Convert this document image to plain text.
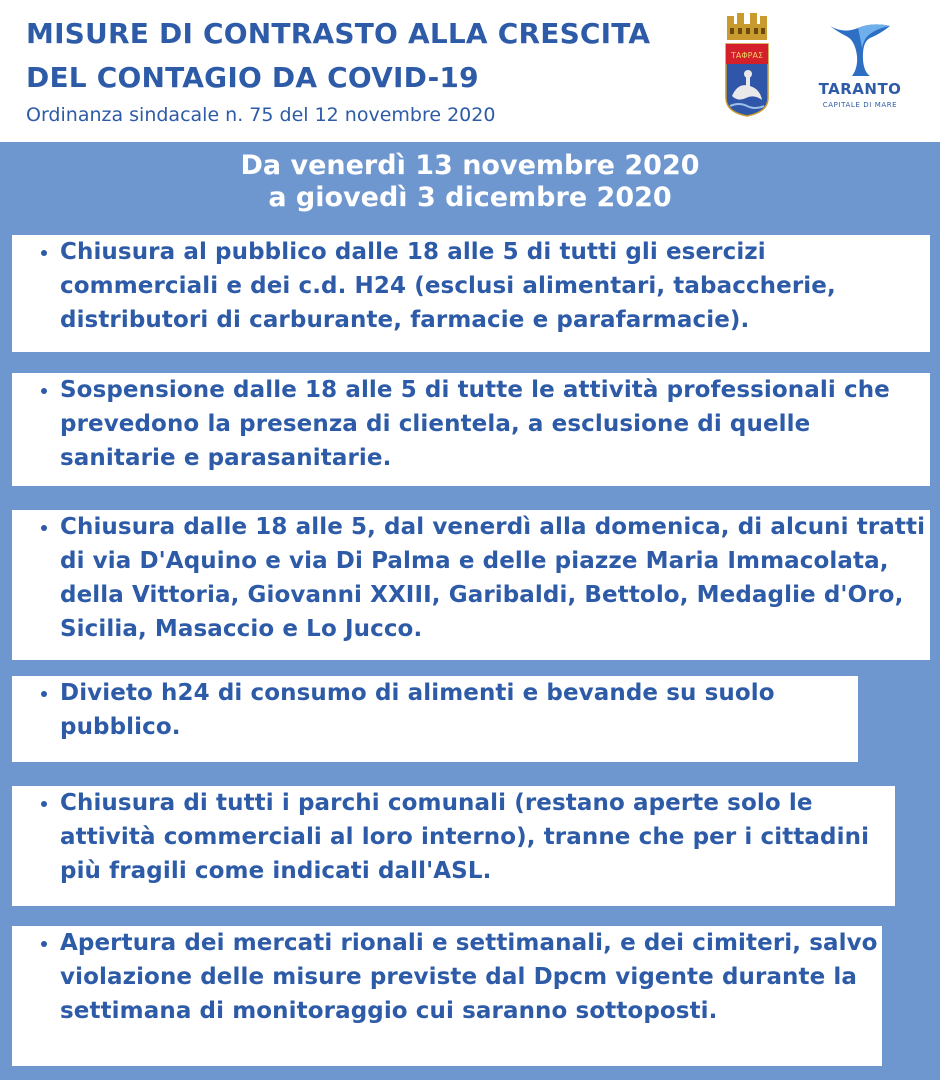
MISURE DI CONTRASTO ALLA CRESCITA
DEL CONTAGIO DA COVID-19

Ordinanza sindacale n. 75 del 12 novembre 2020

ΤΑΦΡΑΣ
TARANTO
CAPITALE DI MARE
Da venerdì 13 novembre 2020
a giovedì 3 dicembre 2020
• Chiusura al pubblico dalle 18 alle 5 di tutti gli esercizi commerciali e dei c.d. H24 (esclusi alimentari, tabaccherie, distributori di carburante, farmacie e parafarmacie).
• Sospensione dalle 18 alle 5 di tutte le attività professionali che prevedono la presenza di clientela, a esclusione di quelle sanitarie e parasanitarie.
• Chiusura dalle 18 alle 5, dal venerdì alla domenica, di alcuni tratti di via D'Aquino e via Di Palma e delle piazze Maria Immacolata, della Vittoria, Giovanni XXIII, Garibaldi, Bettolo, Medaglie d'Oro, Sicilia, Masaccio e Lo Jucco.
• Divieto h24 di consumo di alimenti e bevande su suolo pubblico.
• Chiusura di tutti i parchi comunali (restano aperte solo le attività commerciali al loro interno), tranne che per i cittadini più fragili come indicati dall'ASL.
• Apertura dei mercati rionali e settimanali, e dei cimiteri, salvo violazione delle misure previste dal Dpcm vigente durante la settimana di monitoraggio cui saranno sottoposti.
